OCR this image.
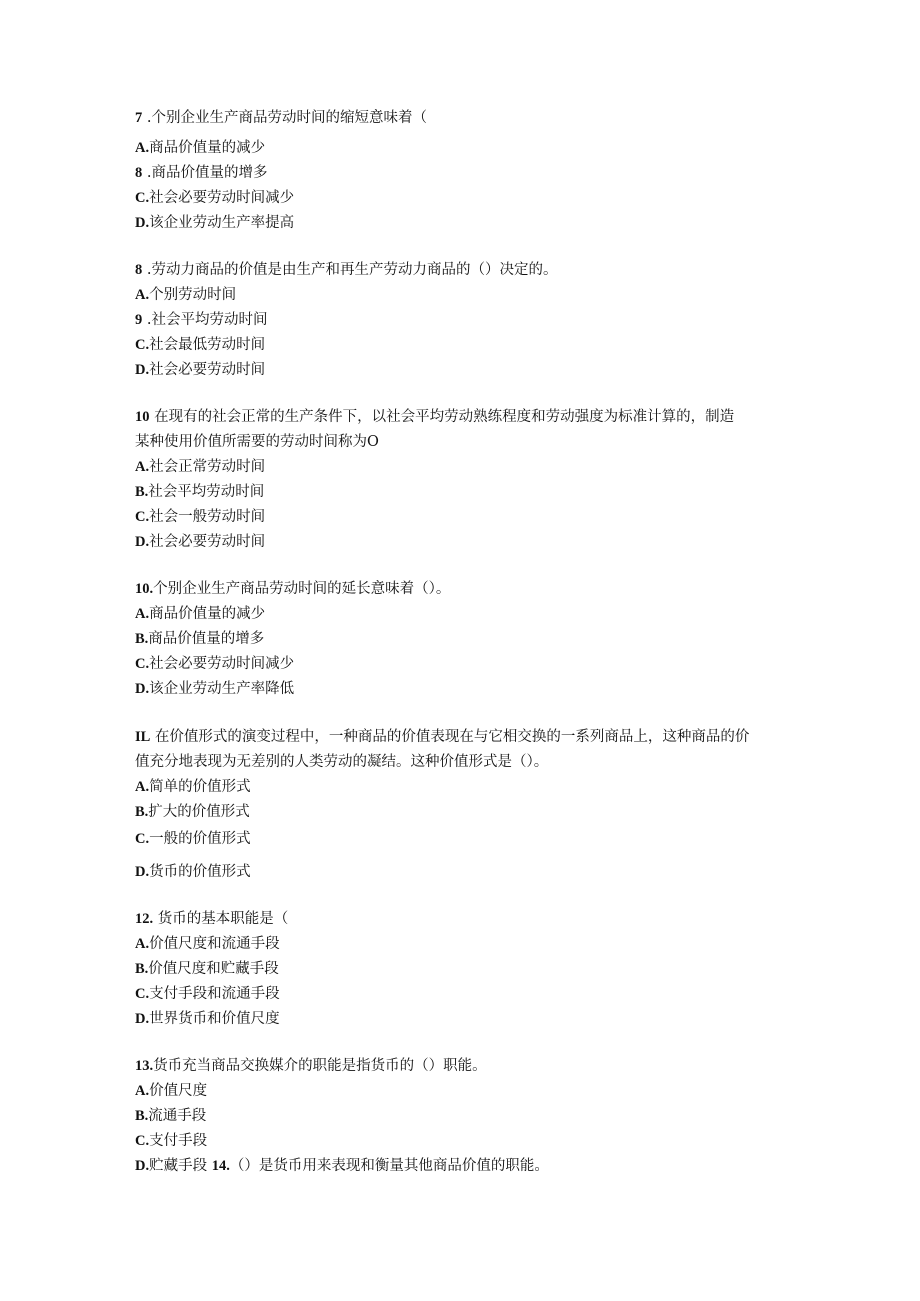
7 .个别企业生产商品劳动时间的缩短意味着（
A.商品价值量的减少
8 .商品价值量的增多
C.社会必要劳动时间减少
D.该企业劳动生产率提高
8 .劳动力商品的价值是由生产和再生产劳动力商品的（）决定的。
A.个别劳动时间
9 .社会平均劳动时间
C.社会最低劳动时间
D.社会必要劳动时间
10 在现有的社会正常的生产条件下，以社会平均劳动熟练程度和劳动强度为标准计算的，制造
某种使用价值所需要的劳动时间称为O
A.社会正常劳动时间
B.社会平均劳动时间
C.社会一般劳动时间
D.社会必要劳动时间
10.个别企业生产商品劳动时间的延长意味着（）。
A.商品价值量的减少
B.商品价值量的增多
C.社会必要劳动时间减少
D.该企业劳动生产率降低
IL 在价值形式的演变过程中，一种商品的价值表现在与它相交换的一系列商品上，这种商品的价
值充分地表现为无差别的人类劳动的凝结。这种价值形式是（）。
A.简单的价值形式
B.扩大的价值形式
C.一般的价值形式
D.货币的价值形式
12. 货币的基本职能是（
A.价值尺度和流通手段
B.价值尺度和贮藏手段
C.支付手段和流通手段
D.世界货币和价值尺度
13.货币充当商品交换媒介的职能是指货币的（）职能。
A.价值尺度
B.流通手段
C.支付手段
D.贮藏手段 14.（）是货币用来表现和衡量其他商品价值的职能。
